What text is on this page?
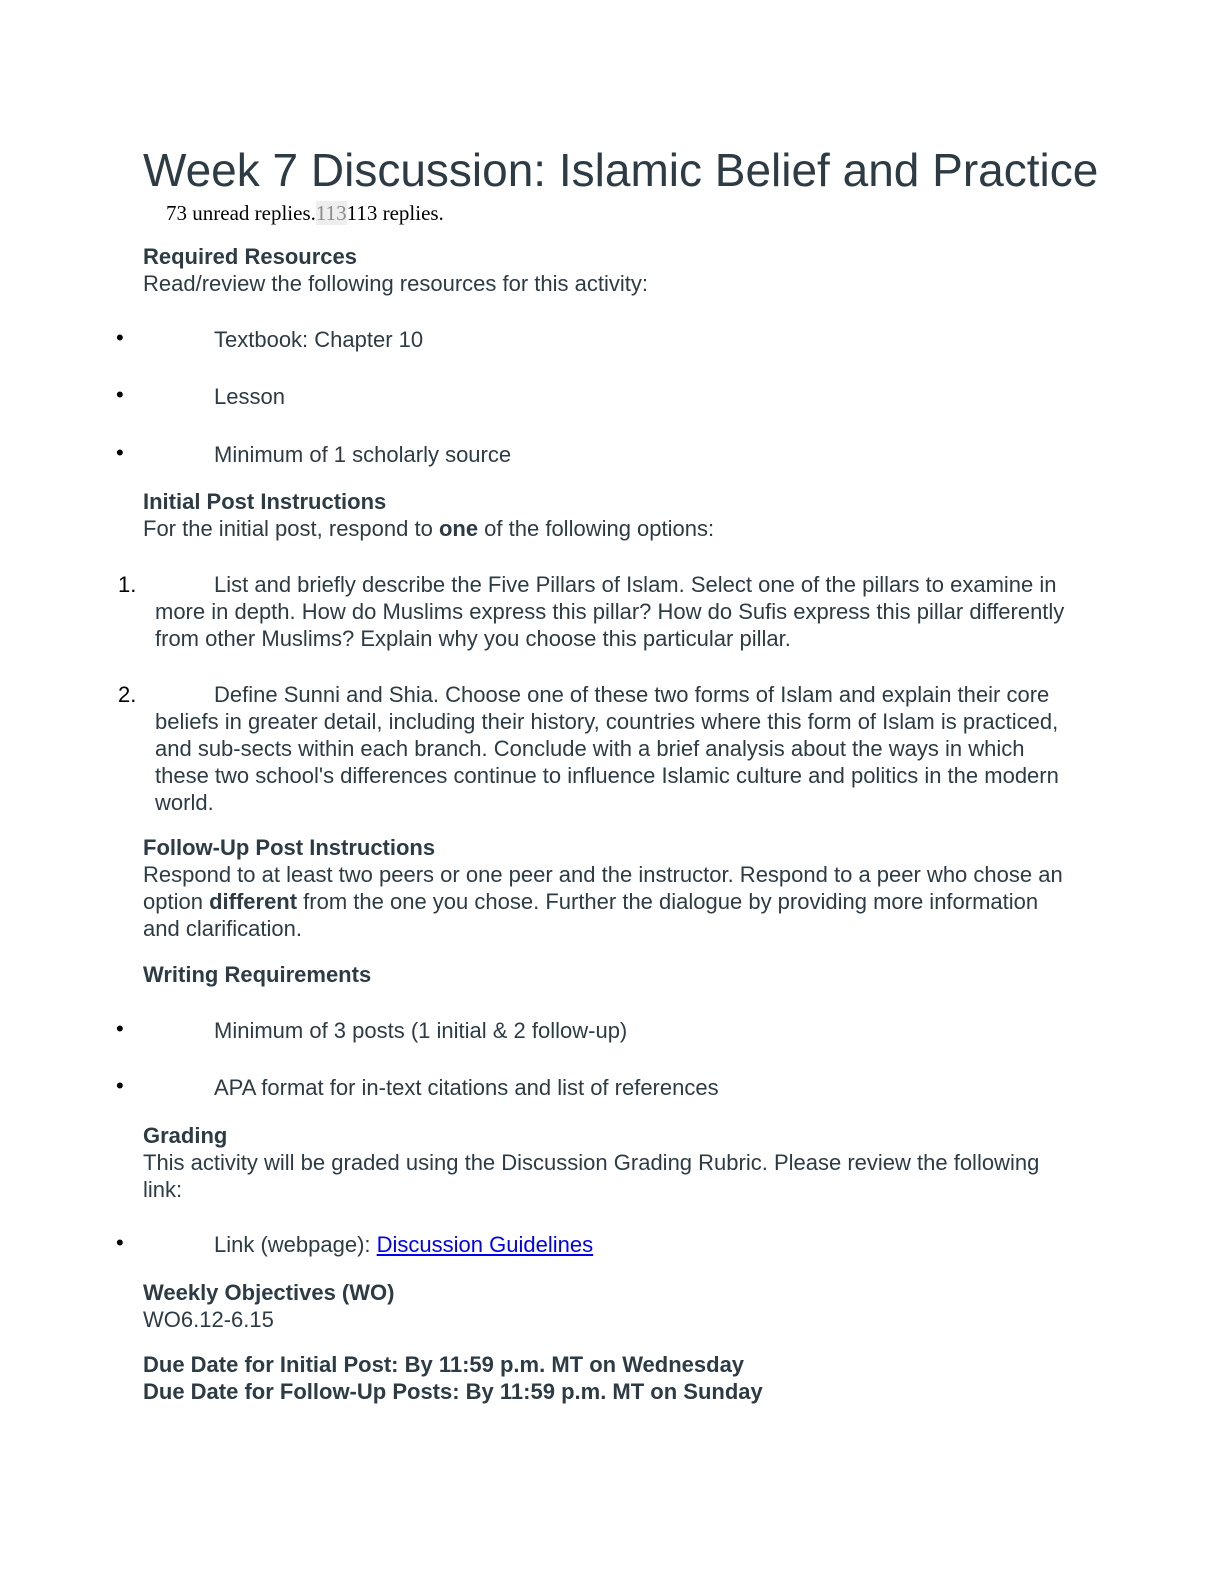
Week 7 Discussion: Islamic Belief and Practice
73 unread replies.113113 replies.
Required Resources
Read/review the following resources for this activity:
•	Textbook: Chapter 10
•	Lesson
•	Minimum of 1 scholarly source
Initial Post Instructions
For the initial post, respond to one of the following options:
1.	List and briefly describe the Five Pillars of Islam. Select one of the pillars to examine in more in depth. How do Muslims express this pillar? How do Sufis express this pillar differently from other Muslims? Explain why you choose this particular pillar.
2.	Define Sunni and Shia. Choose one of these two forms of Islam and explain their core beliefs in greater detail, including their history, countries where this form of Islam is practiced, and sub-sects within each branch. Conclude with a brief analysis about the ways in which these two school's differences continue to influence Islamic culture and politics in the modern world.
Follow-Up Post Instructions
Respond to at least two peers or one peer and the instructor. Respond to a peer who chose an option different from the one you chose. Further the dialogue by providing more information and clarification.
Writing Requirements
•	Minimum of 3 posts (1 initial & 2 follow-up)
•	APA format for in-text citations and list of references
Grading
This activity will be graded using the Discussion Grading Rubric. Please review the following link:
•	Link (webpage): Discussion Guidelines
Weekly Objectives (WO)
WO6.12-6.15
Due Date for Initial Post: By 11:59 p.m. MT on Wednesday
Due Date for Follow-Up Posts: By 11:59 p.m. MT on Sunday
